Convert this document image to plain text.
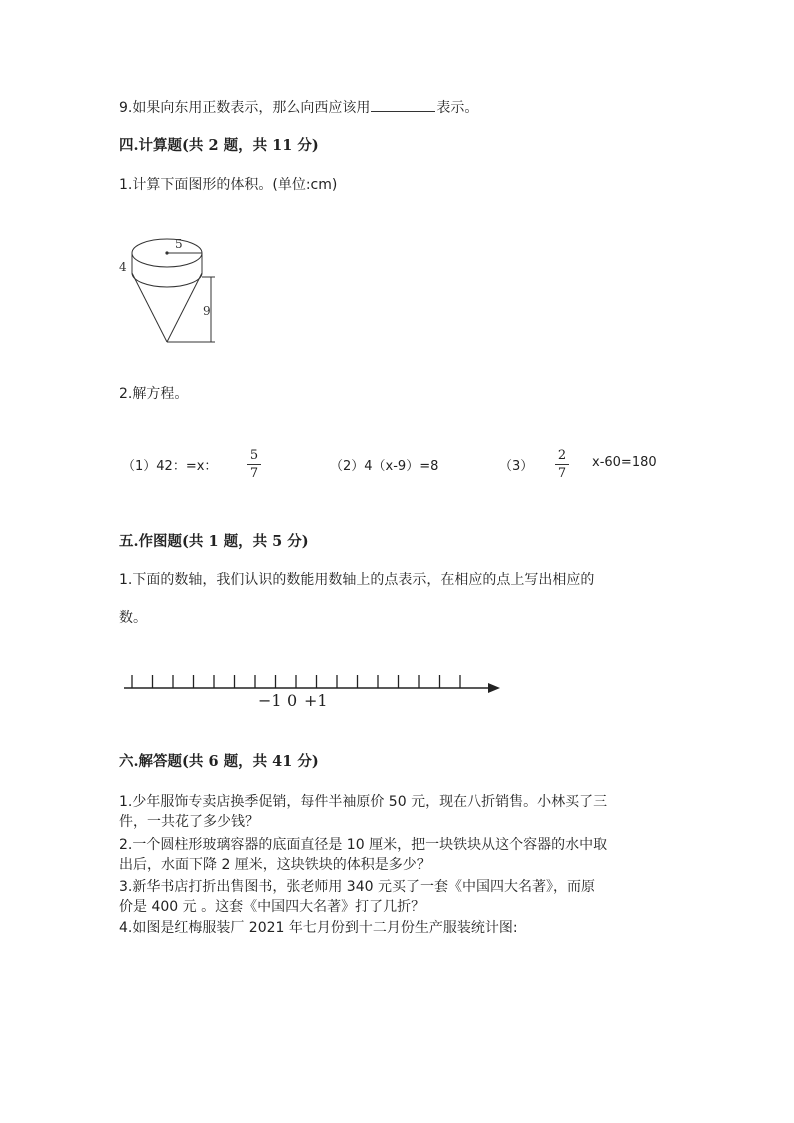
9.如果向东用正数表示，那么向西应该用	表示。
四.计算题(共 2 题，共 11 分)
1.计算下面图形的体积。(单位:cm)
5
4
9
2.解方程。
（1）42：=x：
5
7	（2）4（x-9）=8	（3）
2
7
x-60=180
五.作图题(共 1 题，共 5 分)
1.下面的数轴，我们认识的数能用数轴上的点表示，在相应的点上写出相应的
数。
−1 0 +1
六.解答题(共 6 题，共 41 分)
1.少年服饰专卖店换季促销，每件半袖原价 50 元，现在八折销售。小林买了三
件，一共花了多少钱？
2.一个圆柱形玻璃容器的底面直径是 10 厘米，把一块铁块从这个容器的水中取
出后，水面下降 2 厘米，这块铁块的体积是多少？
3.新华书店打折出售图书，张老师用 340 元买了一套《中国四大名著》，而原
价是 400 元 。这套《中国四大名著》打了几折？
4.如图是红梅服装厂 2021 年七月份到十二月份生产服装统计图:
